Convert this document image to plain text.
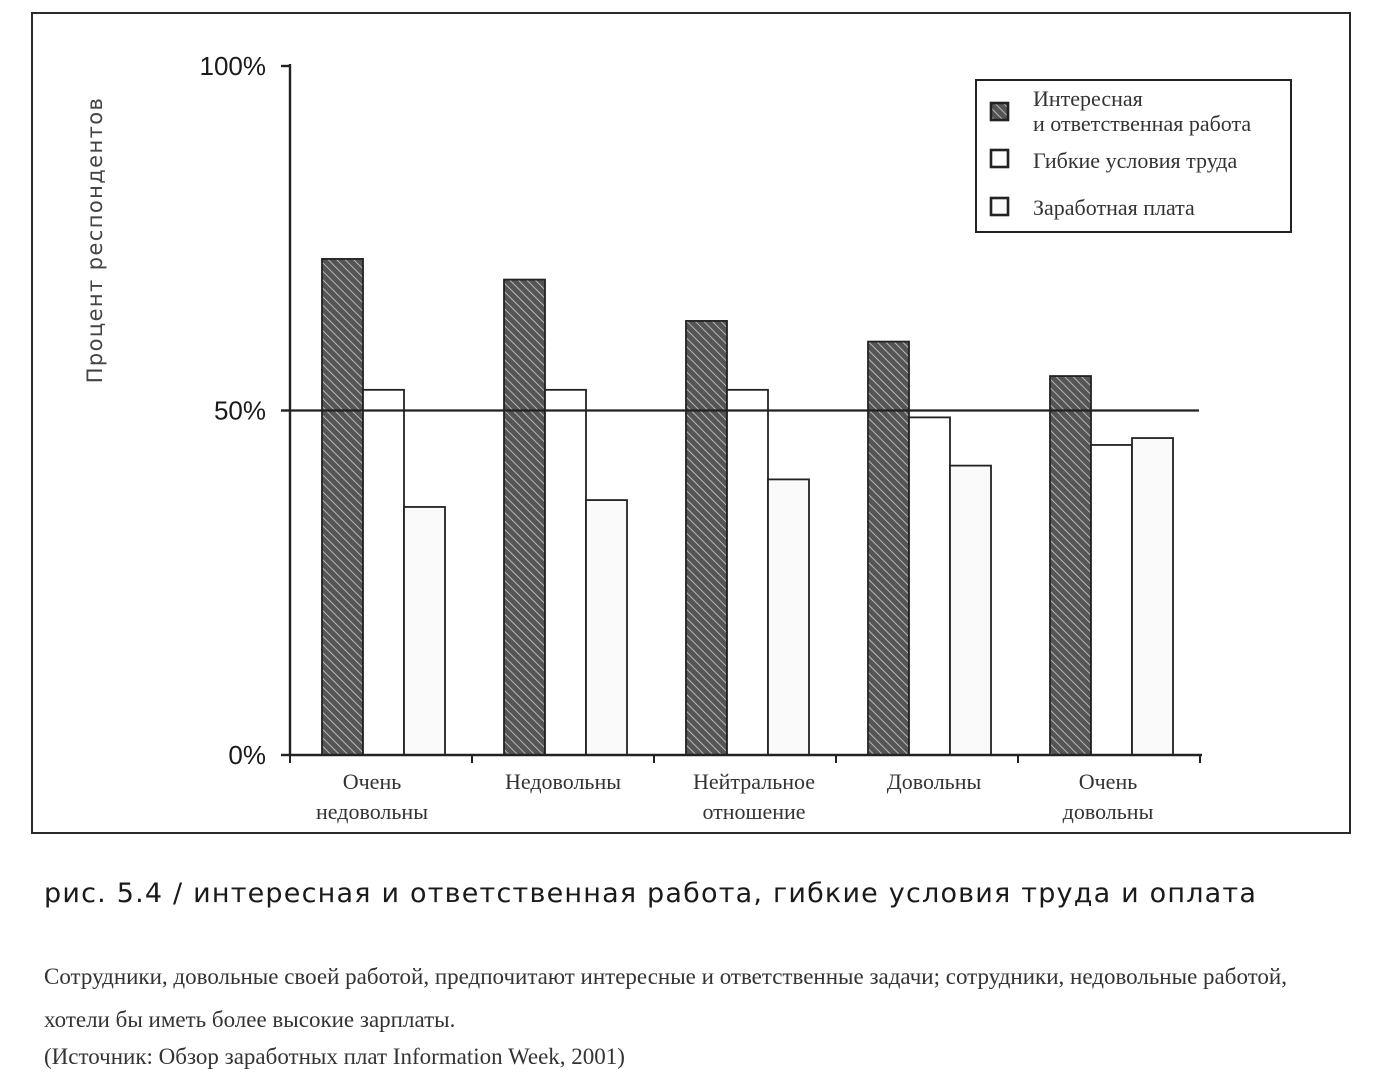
0%
50%
100%
Очень недовольны
Недовольны	Нейтральное отношение
Довольны	Очень довольны
Процент респондентов	Интересная и ответственная работа
Гибкие условия труда
Заработная плата

рис. 5.4 / интересная и ответственная работа, гибкие условия труда и оплата

Сотрудники, довольные своей работой, предпочитают интересные и ответственные задачи; сотрудники, недовольные работой, хотели бы иметь более высокие зарплаты.

(Источник: Обзор заработных плат Information Week, 2001)
